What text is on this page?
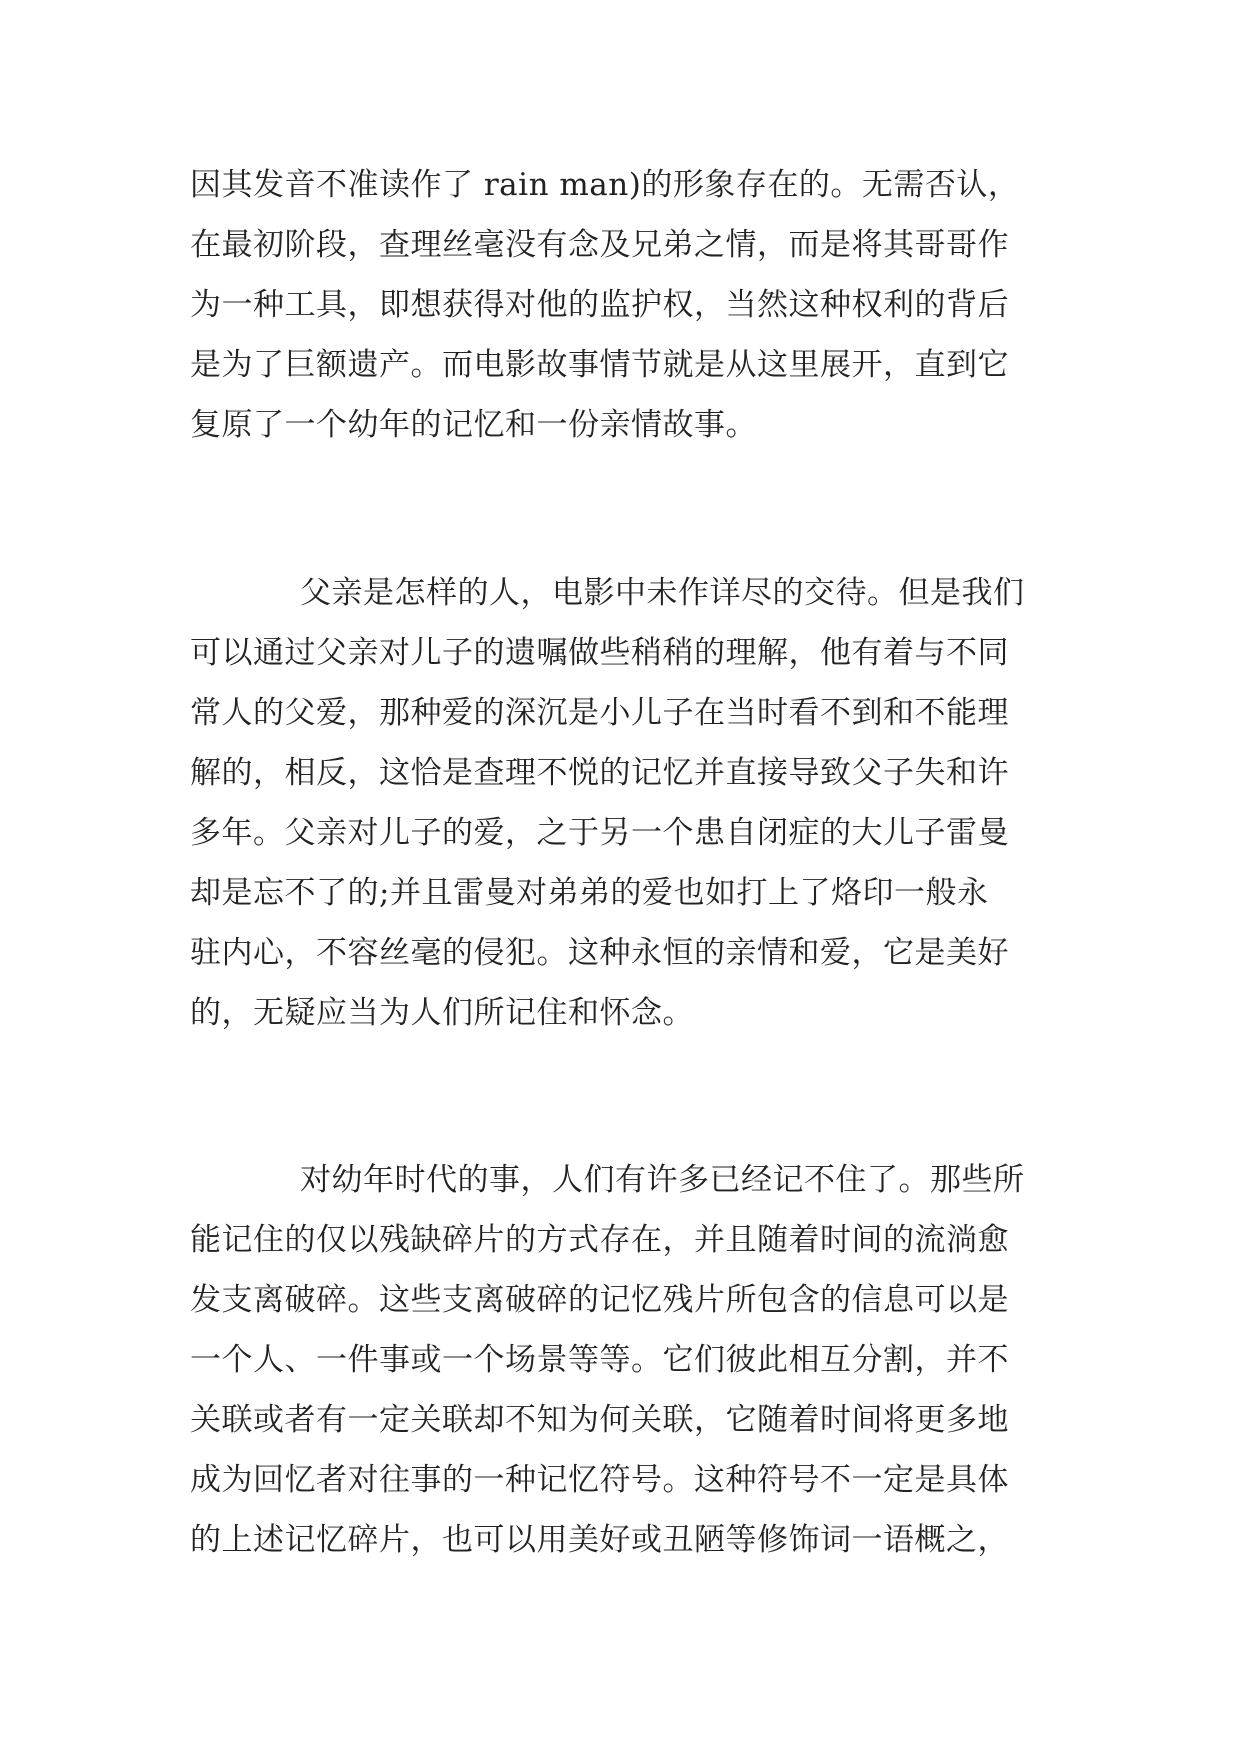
因其发音不准读作了 rain man)的形象存在的。无需否认，
在最初阶段，查理丝毫没有念及兄弟之情，而是将其哥哥作
为一种工具，即想获得对他的监护权，当然这种权利的背后
是为了巨额遗产。而电影故事情节就是从这里展开，直到它
复原了一个幼年的记忆和一份亲情故事。
父亲是怎样的人，电影中未作详尽的交待。但是我们
可以通过父亲对儿子的遗嘱做些稍稍的理解，他有着与不同
常人的父爱，那种爱的深沉是小儿子在当时看不到和不能理
解的，相反，这恰是查理不悦的记忆并直接导致父子失和许
多年。父亲对儿子的爱，之于另一个患自闭症的大儿子雷曼
却是忘不了的;并且雷曼对弟弟的爱也如打上了烙印一般永
驻内心，不容丝毫的侵犯。这种永恒的亲情和爱，它是美好
的，无疑应当为人们所记住和怀念。
对幼年时代的事，人们有许多已经记不住了。那些所
能记住的仅以残缺碎片的方式存在，并且随着时间的流淌愈
发支离破碎。这些支离破碎的记忆残片所包含的信息可以是
一个人、一件事或一个场景等等。它们彼此相互分割，并不
关联或者有一定关联却不知为何关联，它随着时间将更多地
成为回忆者对往事的一种记忆符号。这种符号不一定是具体
的上述记忆碎片，也可以用美好或丑陋等修饰词一语概之，
